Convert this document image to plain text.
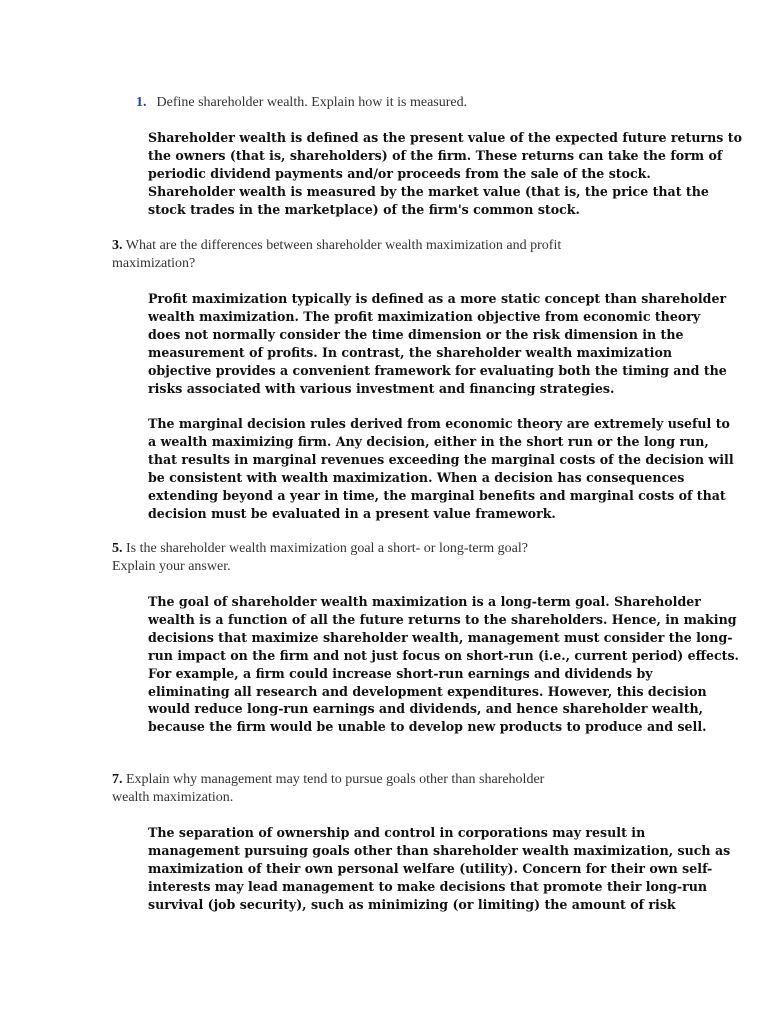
1. Define shareholder wealth. Explain how it is measured.

Shareholder wealth is defined as the present value of the expected future returns to
the owners (that is, shareholders) of the firm. These returns can take the form of
periodic dividend payments and/or proceeds from the sale of the stock.
Shareholder wealth is measured by the market value (that is, the price that the
stock trades in the marketplace) of the firm's common stock.

3. What are the differences between shareholder wealth maximization and profit
maximization?

Profit maximization typically is defined as a more static concept than shareholder
wealth maximization. The profit maximization objective from economic theory
does not normally consider the time dimension or the risk dimension in the
measurement of profits. In contrast, the shareholder wealth maximization
objective provides a convenient framework for evaluating both the timing and the
risks associated with various investment and financing strategies.

The marginal decision rules derived from economic theory are extremely useful to
a wealth maximizing firm. Any decision, either in the short run or the long run,
that results in marginal revenues exceeding the marginal costs of the decision will
be consistent with wealth maximization. When a decision has consequences
extending beyond a year in time, the marginal benefits and marginal costs of that
decision must be evaluated in a present value framework.

5. Is the shareholder wealth maximization goal a short- or long-term goal?
Explain your answer.

The goal of shareholder wealth maximization is a long-term goal. Shareholder
wealth is a function of all the future returns to the shareholders. Hence, in making
decisions that maximize shareholder wealth, management must consider the long-
run impact on the firm and not just focus on short-run (i.e., current period) effects.
For example, a firm could increase short-run earnings and dividends by
eliminating all research and development expenditures. However, this decision
would reduce long-run earnings and dividends, and hence shareholder wealth,
because the firm would be unable to develop new products to produce and sell.

7. Explain why management may tend to pursue goals other than shareholder
wealth maximization.

The separation of ownership and control in corporations may result in
management pursuing goals other than shareholder wealth maximization, such as
maximization of their own personal welfare (utility). Concern for their own self-
interests may lead management to make decisions that promote their long-run
survival (job security), such as minimizing (or limiting) the amount of risk
